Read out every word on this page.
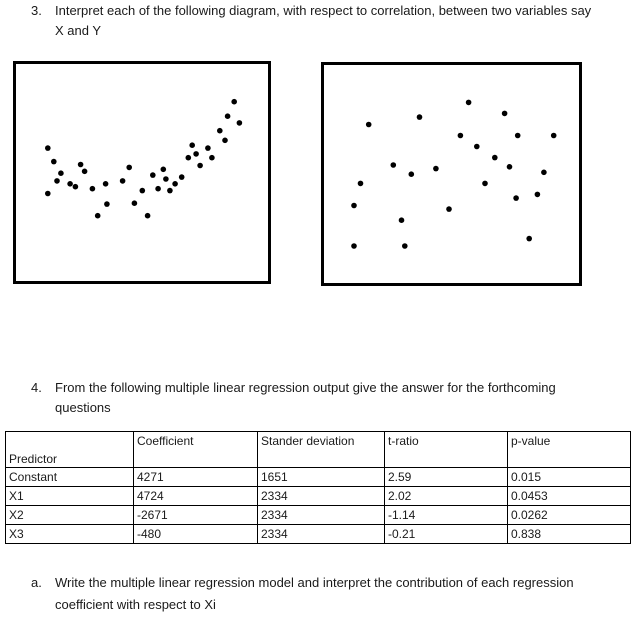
3. Interpret each of the following diagram, with respect to correlation, between two variables say
X and Y
4. From the following multiple linear regression output give the answer for the forthcoming
questions
Predictor	Coefficient	Stander deviation	t-ratio	p-value
Constant	4271	1651	2.59	0.015
X1	4724	2334	2.02	0.0453
X2	-2671	2334	-1.14	0.0262
X3	-480	2334	-0.21	0.838
a. Write the multiple linear regression model and interpret the contribution of each regression
coefficient with respect to Xi
